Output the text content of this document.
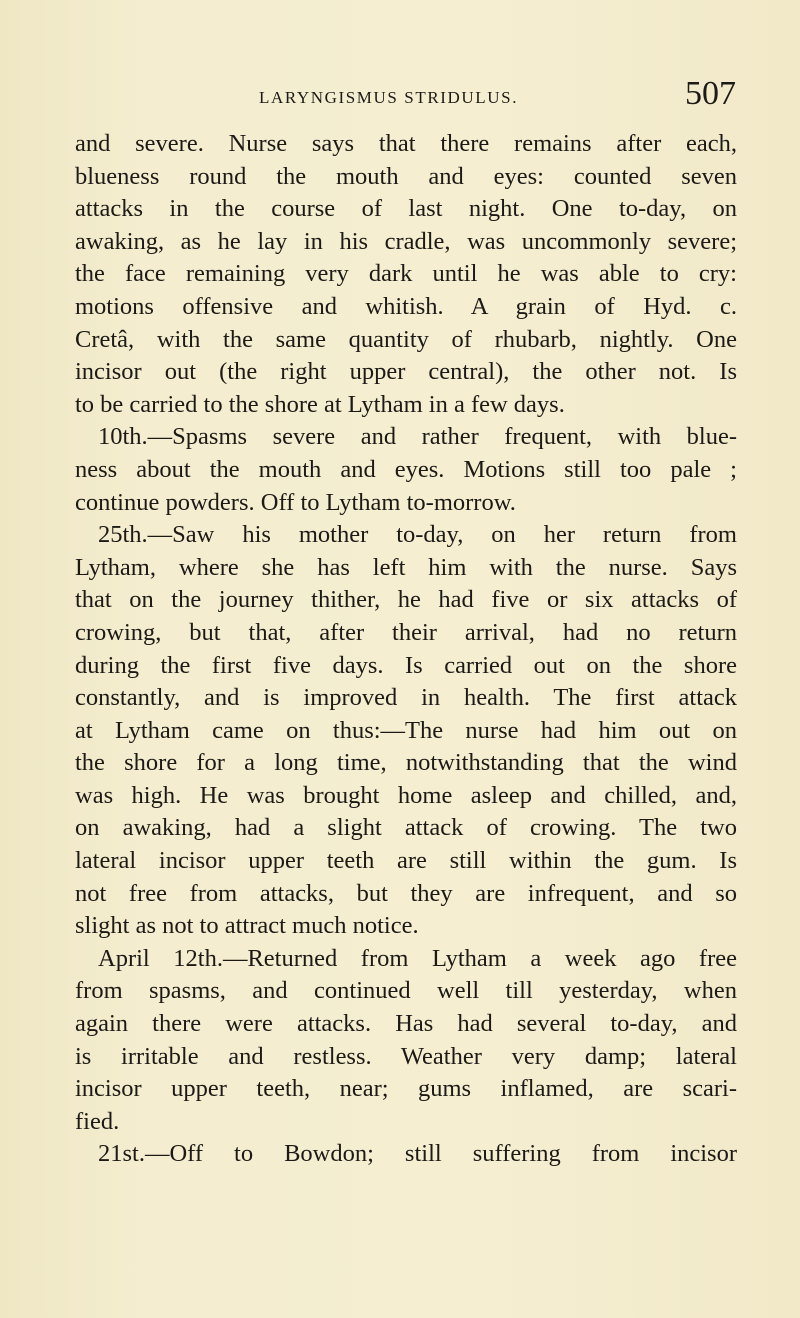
LARYNGISMUS STRIDULUS.	507

and severe. Nurse says that there remains after each,
blueness round the mouth and eyes: counted seven
attacks in the course of last night. One to-day, on
awaking, as he lay in his cradle, was uncommonly severe;
the face remaining very dark until he was able to cry:
motions offensive and whitish. A grain of Hyd. c.
Cretâ, with the same quantity of rhubarb, nightly. One
incisor out (the right upper central), the other not. Is
to be carried to the shore at Lytham in a few days.

10th.—Spasms severe and rather frequent, with blue-
ness about the mouth and eyes. Motions still too pale ;
continue powders. Off to Lytham to-morrow.

25th.—Saw his mother to-day, on her return from
Lytham, where she has left him with the nurse. Says
that on the journey thither, he had five or six attacks of
crowing, but that, after their arrival, had no return
during the first five days. Is carried out on the shore
constantly, and is improved in health. The first attack
at Lytham came on thus:—The nurse had him out on
the shore for a long time, notwithstanding that the wind
was high. He was brought home asleep and chilled, and,
on awaking, had a slight attack of crowing. The two
lateral incisor upper teeth are still within the gum. Is
not free from attacks, but they are infrequent, and so
slight as not to attract much notice.

April 12th.—Returned from Lytham a week ago free
from spasms, and continued well till yesterday, when
again there were attacks. Has had several to-day, and
is irritable and restless. Weather very damp; lateral
incisor upper teeth, near; gums inflamed, are scari-
fied.

21st.—Off to Bowdon; still suffering from incisor
